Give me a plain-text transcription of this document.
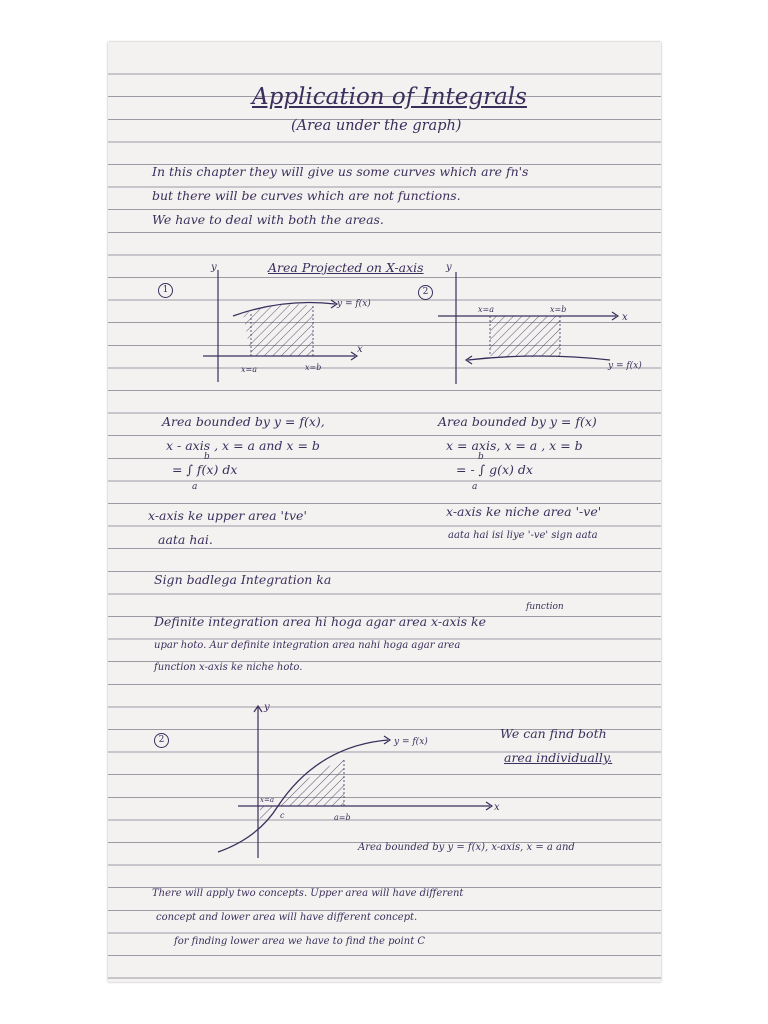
Application of Integrals
(Area under the graph)
In this chapter they will give us some curves which are fn's
but there will be curves which are not functions.
We have to deal with both the areas.
Area Projected on X-axis
1	2
y
x
y = f(x)
x=a	x=b
y
x
y = f(x)
x=a	x=b
Area bounded by y = f(x),
x - axis , x = a and x = b
= ∫ f(x) dx
b
a
x-axis ke upper area 'tve'
aata hai.
Area bounded by y = f(x)
x = axis, x = a , x = b
= - ∫ g(x) dx
b
a
x-axis ke niche area '-ve'
aata hai isi liye '-ve' sign aata
Sign badlega Integration ka
function
Definite integration area hi hoga agar area x-axis ke
upar hoto. Aur definite integration area nahi hoga agar area
function x-axis ke niche hoto.
2
y
x
y = f(x)
x=a
c	a=b
We can find both
area individually.
Area bounded by y = f(x), x-axis, x = a and
There will apply two concepts. Upper area will have different
concept and lower area will have different concept.
for finding lower area we have to find the point C
